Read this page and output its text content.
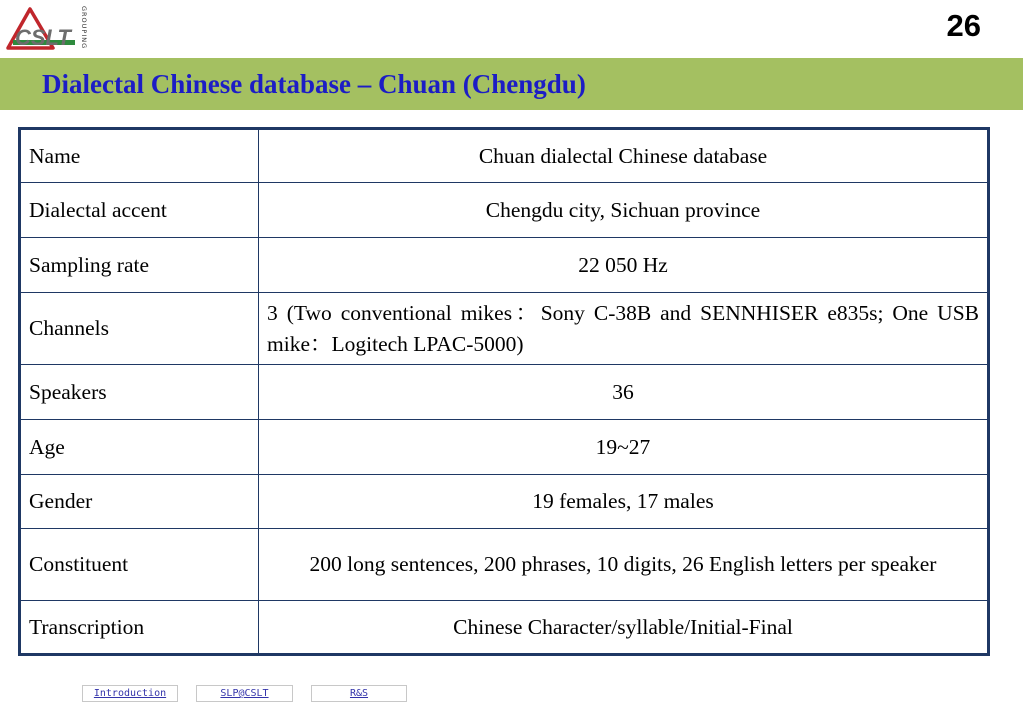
CSLT GROUPING	26
Dialectal Chinese database – Chuan (Chengdu)
Name	Chuan dialectal Chinese database
Dialectal accent	Chengdu city, Sichuan province
Sampling rate	22 050 Hz
Channels	3 (Two conventional mikes：Sony C-38B and SENNHISER e835s; One USB mike：Logitech LPAC-5000)
Speakers	36
Age	19~27
Gender	19 females, 17 males
Constituent	200 long sentences, 200 phrases, 10 digits, 26 English letters per speaker
Transcription	Chinese Character/syllable/Initial-Final
Introduction	SLP@CSLT	R&S
